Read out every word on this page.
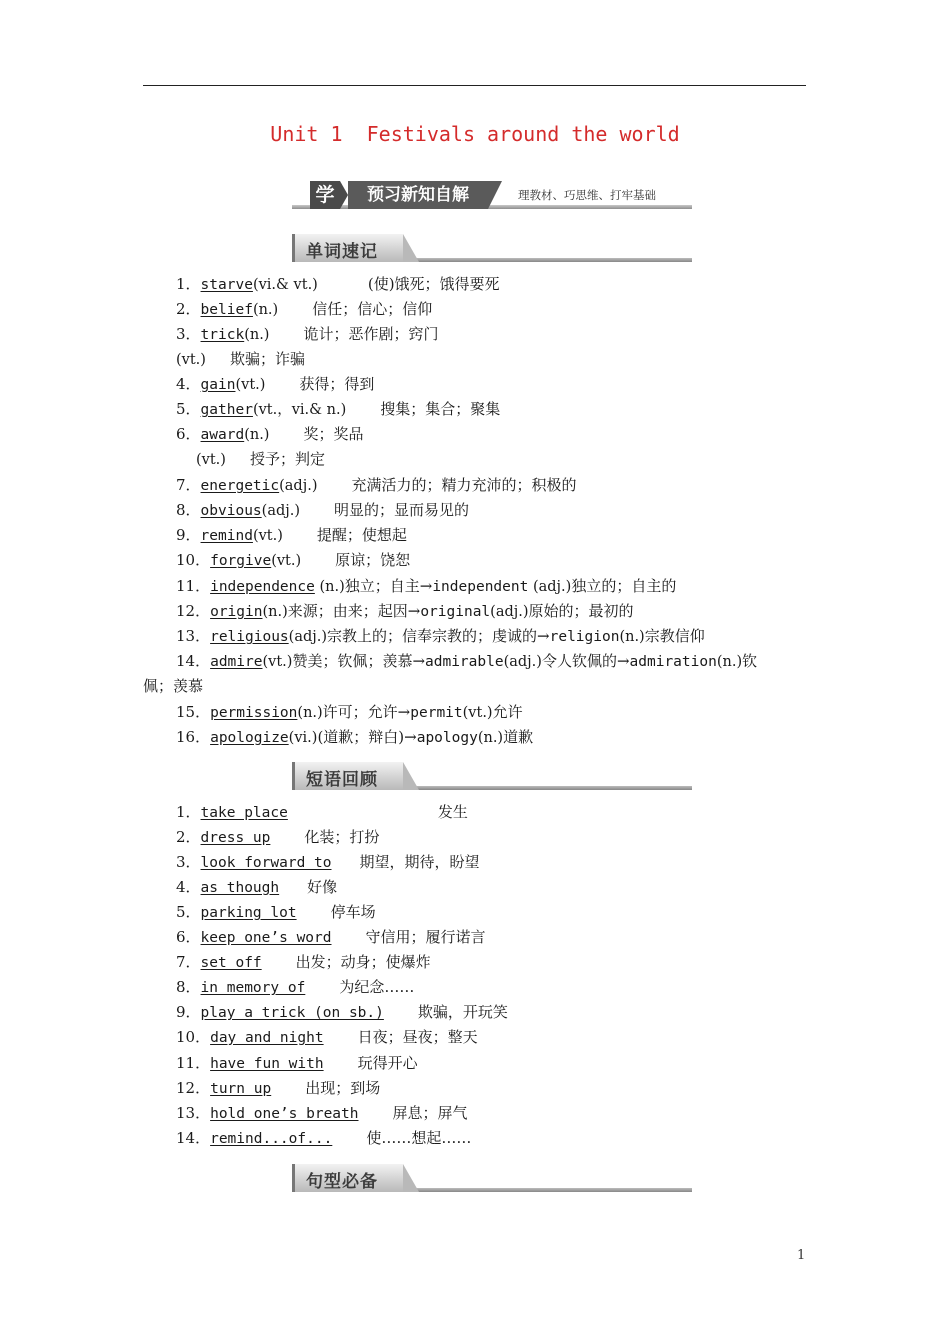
Unit 1  Festivals around the world
学	预习新知自解	理教材、巧思维、打牢基础
单词速记
1．starve(vi.& vt.)	(使)饿死；饿得要死
2．belief(n.) 信任；信心；信仰
3．trick(n.) 诡计；恶作剧；窍门
(vt.) 欺骗；诈骗
4．gain(vt.) 获得；得到
5．gather(vt.，vi.& n.) 搜集；集合；聚集
6．award(n.) 奖；奖品
(vt.) 授予；判定
7．energetic(adj.) 充满活力的；精力充沛的；积极的
8．obvious(adj.) 明显的；显而易见的
9．remind(vt.) 提醒；使想起
10．forgive(vt.) 原谅；饶恕
11．independence (n.)独立；自主→independent (adj.)独立的；自主的
12．origin(n.)来源；由来；起因→original(adj.)原始的；最初的
13．religious(adj.)宗教上的；信奉宗教的；虔诚的→religion(n.)宗教信仰
14．admire(vt.)赞美；钦佩；羡慕→admirable(adj.)令人钦佩的→admiration(n.)钦
佩；羡慕
15．permission(n.)许可；允许→permit(vt.)允许
16．apologize(vi.)(道歉；辩白)→apology(n.)道歉
短语回顾
1．take place	发生
2．dress up 化装；打扮
3．look forward to 期望，期待，盼望
4．as though 好像
5．parking lot 停车场
6．keep one’s word 守信用；履行诺言
7．set off 出发；动身；使爆炸
8．in memory of 为纪念……
9．play a trick (on sb.) 欺骗，开玩笑
10．day and night 日夜；昼夜；整天
11．have fun with 玩得开心
12．turn up 出现；到场
13．hold one’s breath 屏息；屏气
14．remind...of... 使……想起……
句型必备
1
